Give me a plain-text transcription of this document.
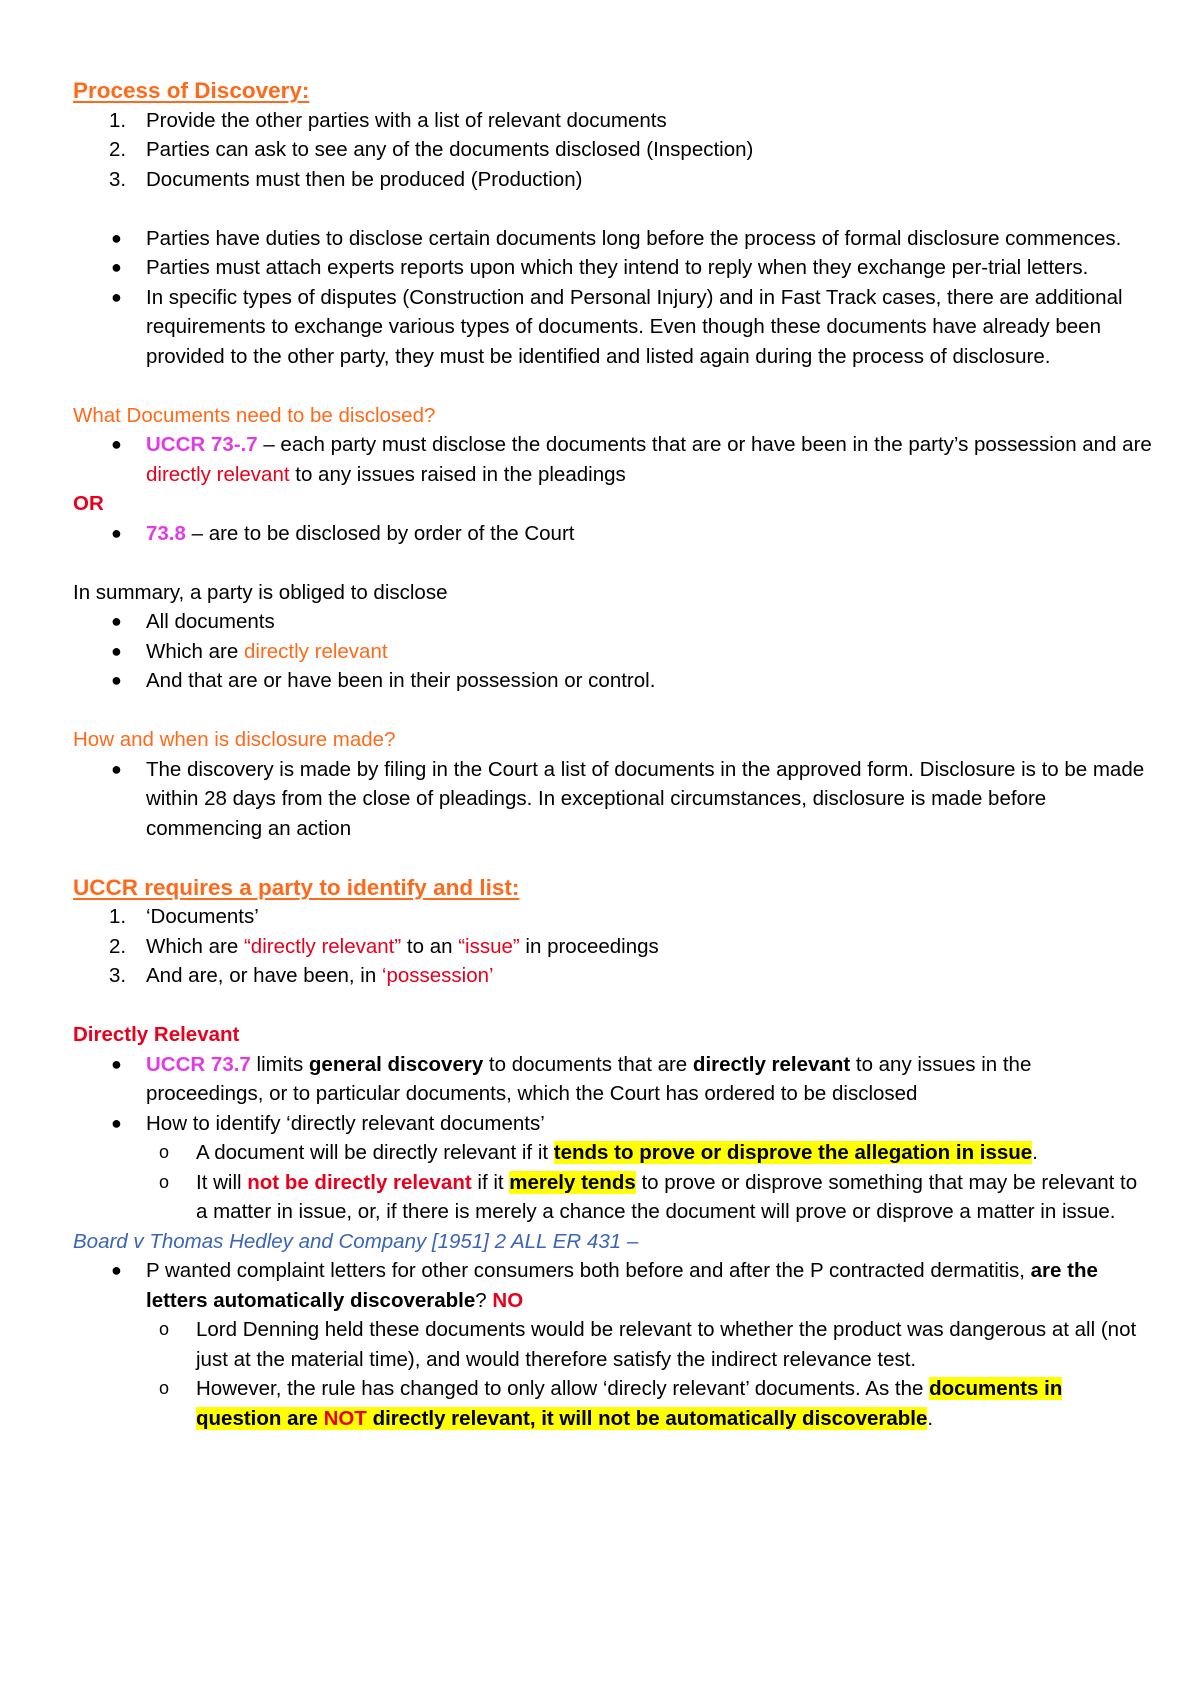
Process of Discovery:

1. Provide the other parties with a list of relevant documents
2. Parties can ask to see any of the documents disclosed (Inspection)
3. Documents must then be produced (Production)
● Parties have duties to disclose certain documents long before the process of formal disclosure commences.
● Parties must attach experts reports upon which they intend to reply when they exchange per-trial letters.
● In specific types of disputes (Construction and Personal Injury) and in Fast Track cases, there are additional requirements to exchange various types of documents. Even though these documents have already been provided to the other party, they must be identified and listed again during the process of disclosure.

What Documents need to be disclosed?

● UCCR 73-.7 – each party must disclose the documents that are or have been in the party’s possession and are directly relevant to any issues raised in the pleadings

OR

● 73.8 – are to be disclosed by order of the Court

In summary, a party is obliged to disclose

● All documents
● Which are directly relevant
● And that are or have been in their possession or control.

How and when is disclosure made?

● The discovery is made by filing in the Court a list of documents in the approved form. Disclosure is to be made within 28 days from the close of pleadings. In exceptional circumstances, disclosure is made before commencing an action

UCCR requires a party to identify and list:

1. ‘Documents’
2. Which are “directly relevant” to an “issue” in proceedings
3. And are, or have been, in ‘possession’

Directly Relevant

● UCCR 73.7 limits general discovery to documents that are directly relevant to any issues in the proceedings, or to particular documents, which the Court has ordered to be disclosed
● How to identify ‘directly relevant documents’
o A document will be directly relevant if it tends to prove or disprove the allegation in issue.
o It will not be directly relevant if it merely tends to prove or disprove something that may be relevant to a matter in issue, or, if there is merely a chance the document will prove or disprove a matter in issue.

Board v Thomas Hedley and Company [1951] 2 ALL ER 431 –

● P wanted complaint letters for other consumers both before and after the P contracted dermatitis, are the letters automatically discoverable? NO
o Lord Denning held these documents would be relevant to whether the product was dangerous at all (not just at the material time), and would therefore satisfy the indirect relevance test.
o However, the rule has changed to only allow ‘direcly relevant’ documents. As the documents in question are NOT directly relevant, it will not be automatically discoverable.
